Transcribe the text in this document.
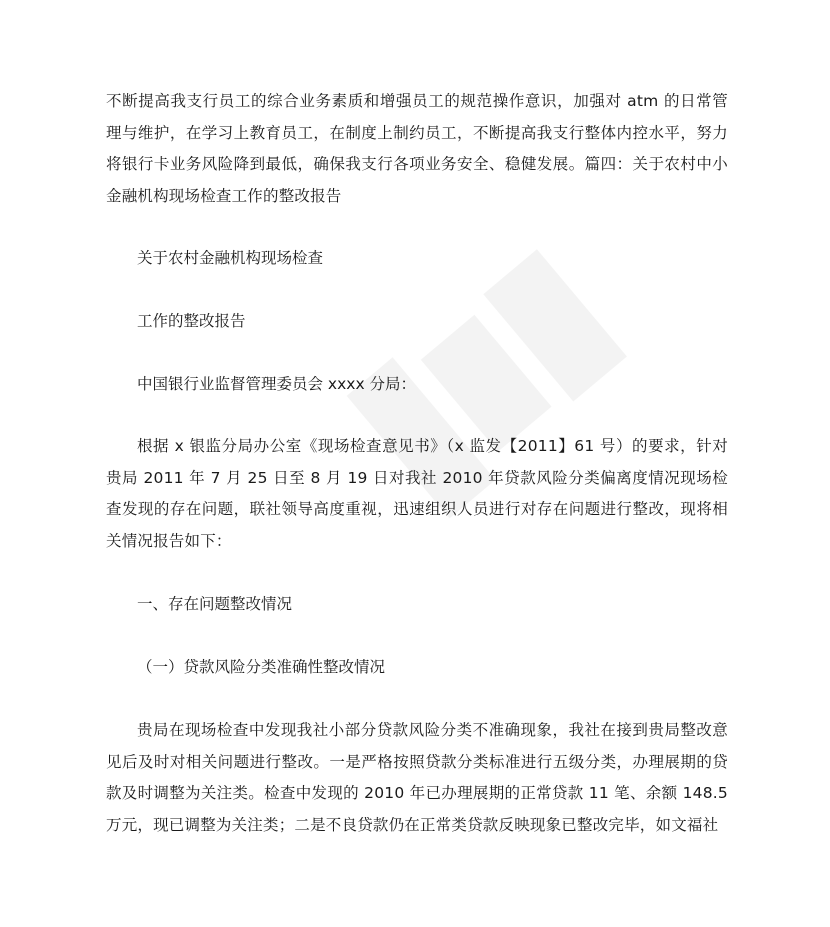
不断提高我支行员工的综合业务素质和增强员工的规范操作意识，加强对 atm 的日常管理与维护，在学习上教育员工，在制度上制约员工，不断提高我支行整体内控水平，努力将银行卡业务风险降到最低，确保我支行各项业务安全、稳健发展。篇四：关于农村中小金融机构现场检查工作的整改报告

关于农村金融机构现场检查

工作的整改报告

中国银行业监督管理委员会 xxxx 分局：

根据 x 银监分局办公室《现场检查意见书》（x 监发【2011】61 号）的要求，针对贵局 2011 年 7 月 25 日至 8 月 19 日对我社 2010 年贷款风险分类偏离度情况现场检查发现的存在问题，联社领导高度重视，迅速组织人员进行对存在问题进行整改，现将相关情况报告如下：

一、存在问题整改情况

（一）贷款风险分类准确性整改情况

贵局在现场检查中发现我社小部分贷款风险分类不准确现象，我社在接到贵局整改意见后及时对相关问题进行整改。一是严格按照贷款分类标准进行五级分类，办理展期的贷款及时调整为关注类。检查中发现的 2010 年已办理展期的正常贷款 11 笔、余额 148.5 万元，现已调整为关注类；二是不良贷款仍在正常类贷款反映现象已整改完毕，如文福社
